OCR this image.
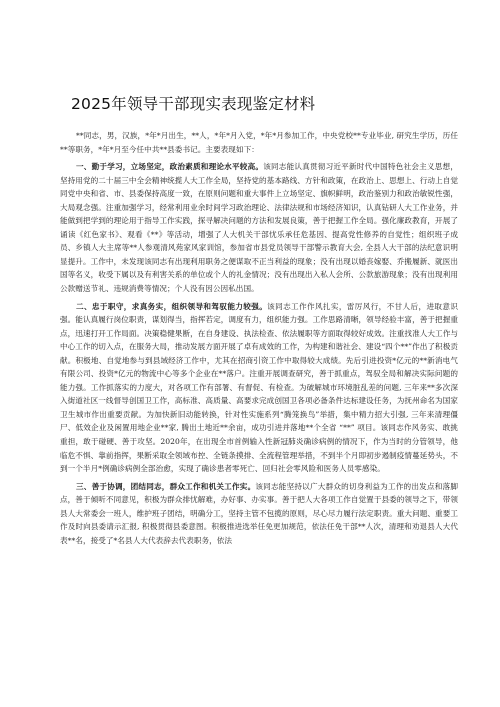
2025年领导干部现实表现鉴定材料

**同志，男，汉族，*年*月出生，**人，*年*月入党，*年*月参加工作，中央党校**专业毕业, 研究生学历，历任**等职务，*年*月至今任中共**县委书记。主要表现如下：

一、勤于学习，立场坚定，政治素质和理论水平较高。该同志能认真贯彻习近平新时代中国特色社会主义思想，坚持用党的二十届三中全会精神统揽人大工作全局，坚持党的基本路线、方针和政策，在政治上、思想上、行动上自觉同党中央和省、市、县委保持高度一致，在原则问题和重大事件上立场坚定、旗帜鲜明，政治鉴别力和政治敏锐性强，大局观念强。注重加强学习，经常利用业余时间学习政治理论、法律法规和市场经济知识，认真钻研人大工作业务，并能做到把学到的理论用于指导工作实践，探寻解决问题的方法和发展良策，善于把握工作全局。强化廉政教育，开展了诵读《红色家书》、观看《**》等活动，增强了人大机关干部忧乐承任危基因、提高党性修养的自觉性；组织班子成员、乡镇人大主席等**人参观清风苑家风家训馆，参加省市县党员领导干部警示教育大会, 全县人大干部的法纪意识明显提升。工作中，未发现该同志有出现利用职务之便谋取不正当利益的现象；没有出现以婚丧嫁娶、乔搬履新、就医出国等名义，收受下属以及有利害关系的单位或个人的礼金情况；没有出现出入私人会所、公款旅游现象；没有出现利用公款赠送节礼、违规消费等情况；个人没有因公因私出国。

二、忠于职守，求真务实，组织领导和驾驭能力较强。该同志工作作风扎实，雷厉风行，不甘人后，进取意识强。能认真履行岗位职责，谋划得当，指挥若定，调度有力，组织能力强。工作思路清晰，领导经验丰富，善于把握重点，迅速打开工作局面。决策稳健果断，在自身建设、执法检查、依法履职等方面取得较好成效。注重找准人大工作与中心工作的切入点，在服务大局，推动发展方面开展了卓有成效的工作，为构建和谐社会、建设“四个**”作出了积极贡献。积极地、自觉地参与到县域经济工作中，尤其在招商引资工作中取得较大成绩。先后引进投资*亿元的**新消电气有限公司、投资*亿元的物流中心等多个企业在**落户。注重开展调查研究，善于抓重点，驾驭全局和解决实际问题的能力强。工作抓落实的力度大，对各项工作有部署、有督促、有检查。为破解城市环境脏乱差的问题, 三年来**多次深入街道社区一线督导创国卫工作，高标准、高质量、高要求完成创国卫各项必备条件达标建设任务，为抚州命名为国家卫生城市作出重要贡献。为加快新旧动能转换，针对性实施系列“腾笼换鸟”举措，集中精力招大引强, 三年来清理僵尸、低效企业及闲置用地企业**家, 腾出土地近**余亩，成功引进并落地**个全省 “**” 项目。该同志作风务实、敢挑重担，敢于碰硬、善于攻坚。2020年，在出现全市首例输入性新冠肺炎确诊病例的情况下，作为当时的分管领导，他临危不惧、靠前指挥，果断采取全领域布控、全链条摸排、全流程管理举措，不到半个月即初步遏制疫情蔓延势头，不到一个半月*例确诊病例全部治愈，实现了确诊患者零死亡、回归社会零风险和医务人员零感染。

三、善于协调，团结同志，群众工作和机关工作实。该同志能坚持以广大群众的切身利益为工作的出发点和落脚点，善于倾听不同意见，积极为群众排忧解难，办好事、办实事。善于把人大各项工作自觉置于县委的领导之下，带领县人大常委会一班人，维护班子团结，明确分工，坚持主管不包揽的原则，尽心尽力履行法定职责。重大问题、重要工作及时向县委请示汇报, 积极贯彻县委意图。积极推进选举任免更加规范，依法任免干部**人次，清理和劝退县人大代表**名，接受了*名县人大代表辞去代表职务，依法
